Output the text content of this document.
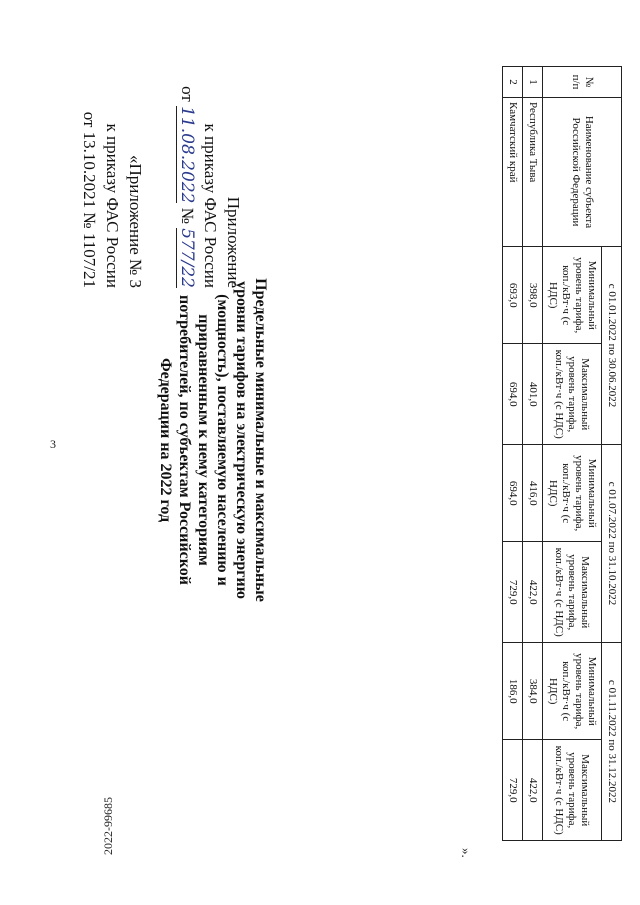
3
2022-99685
Приложение
к приказу ФАС России
от 11.08.2022 № 577/22
«Приложение № 3
к приказу ФАС России
от 13.10.2021 № 1107/21
Предельные минимальные и максимальные уровни тарифов на электрическую энергию (мощность), поставляемую населению и приравненным к нему категориям потребителей, по субъектам Российской Федерации на 2022 год
№ п/п	Наименование субъекта Российской Федерации	с 01.01.2022 по 30.06.2022		с 01.07.2022 по 31.10.2022		с 01.11.2022 по 31.12.2022	
		Минимальный уровень тарифа, коп./кВт·ч (с НДС)	Максимальный уровень тарифа, коп./кВт·ч (с НДС)	Минимальный уровень тарифа, коп./кВт·ч (с НДС)	Максимальный уровень тарифа, коп./кВт·ч (с НДС)	Минимальный уровень тарифа, коп./кВт·ч (с НДС)	Максимальный уровень тарифа, коп./кВт·ч (с НДС)
1	Республика Тыва	398,0	401,0	416,0	422,0	384,0	422,0
2	Камчатский край	693,0	694,0	694,0	729,0	186,0	729,0
».
